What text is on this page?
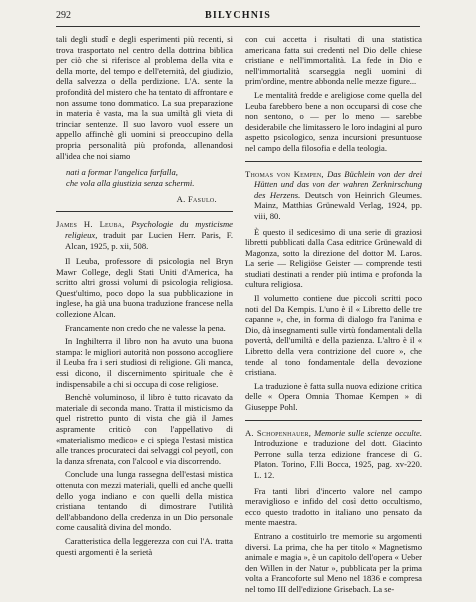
292	BILYCHNIS

tali degli studî e degli esperimenti più recenti, si trova trasportato nel centro della dottrina biblica per ciò che si riferisce al problema della vita e della morte, del tempo e dell'eternità, del giudizio, della salvezza o della perdizione. L'A. sente la profondità del mistero che ha tentato di affrontare e non assume tono dommatico. La sua preparazione in materia è vasta, ma la sua umiltà gli vieta di trinciar sentenze. Il suo lavoro vuol essere un appello affinchè gli uomini si preoccupino della propria personalità più profonda, allenandosi all'idea che noi siamo

nati a formar l'angelica farfalla,
che vola alla giustizia senza schermi.
A. Fasulo.
James H. Leuba, Psychologie du mysticisme religieux, traduit par Lucien Herr. Paris, F. Alcan, 1925, p. xii, 508.

Il Leuba, professore di psicologia nel Bryn Mawr College, degli Stati Uniti d'America, ha scritto altri grossi volumi di psicologia religiosa. Quest'ultimo, poco dopo la sua pubblicazione in inglese, ha già una buona traduzione francese nella collezione Alcan.

Francamente non credo che ne valesse la pena.

In Inghilterra il libro non ha avuto una buona stampa: le migliori autorità non possono accogliere il Leuba fra i seri studiosi di religione. Gli manca, essi dicono, il discernimento spirituale che è indispensabile a chi si occupa di cose religiose.

Benchè voluminoso, il libro è tutto ricavato da materiale di seconda mano. Tratta il misticismo da quel ristretto punto di vista che già il James aspramente criticò con l'appellativo di «materialismo medico» e ci spiega l'estasi mistica alle trances procurateci dai selvaggi col peyotl, con la danza sfrenata, con l'alcool e via discorrendo.

Conclude una lunga rassegna dell'estasi mistica ottenuta con mezzi materiali, quelli ed anche quelli dello yoga indiano e con quelli della mistica cristiana tentando di dimostrare l'utilità dell'abbandono della credenza in un Dio personale come causalità divina del mondo.

Caratteristica della leggerezza con cui l'A. tratta questi argomenti è la serietà

con cui accetta i risultati di una statistica americana fatta sui credenti nel Dio delle chiese cristiane e nell'immortalità. La fede in Dio e nell'immortalità scarseggia negli uomini di prim'ordine, mentre abbonda nelle mezze figure...

Le mentalità fredde e areligiose come quella del Leuba farebbero bene a non occuparsi di cose che non sentono, o — per lo meno — sarebbe desiderabile che limitassero le loro indagini al puro aspetto psicologico, senza incursioni presuntuose nel campo della filosofia e della teologia.

Thomas von Kempen, Das Büchlein von der drei Hütten und das von der wahren Zerknirschung des Herzens. Deutsch von Heinrich Gleumes. Mainz, Matthias Grünewald Verlag, 1924, pp. viii, 80.

È questo il sedicesimo di una serie di graziosi libretti pubblicati dalla Casa editrice Grünewald di Magonza, sotto la direzione del dottor M. Laros. La serie — Religiöse Geister — comprende testi studiati destinati a render più intima e profonda la cultura religiosa.

Il volumetto contiene due piccoli scritti poco noti del Da Kempis. L'uno è il « Libretto delle tre capanne », che, in forma di dialogo fra l'anima e Dio, dà insegnamenti sulle virtù fondamentali della povertà, dell'umiltà e della pazienza. L'altro è il « Libretto della vera contrizione del cuore », che tende al tono fondamentale della devozione cristiana.

La traduzione è fatta sulla nuova edizione critica delle « Opera Omnia Thomae Kempen » di Giuseppe Pohl.

A. Schopenhauer, Memorie sulle scienze occulte. Introduzione e traduzione del dott. Giacinto Perrone sulla terza edizione francese di G. Platon. Torino, F.lli Bocca, 1925, pag. xv-220. L. 12.

Fra tanti libri d'incerto valore nel campo meraviglioso e infido del così detto occultismo, ecco questo tradotto in italiano uno pensato da mente maestra.

Entrano a costituirlo tre memorie su argomenti diversi. La prima, che ha per titolo « Magnetismo animale e magia », è un capitolo dell'opera « Ueber den Willen in der Natur », pubblicata per la prima volta a Francoforte sul Meno nel 1836 e compresa nel tomo III dell'edizione Grisebach. La se-
